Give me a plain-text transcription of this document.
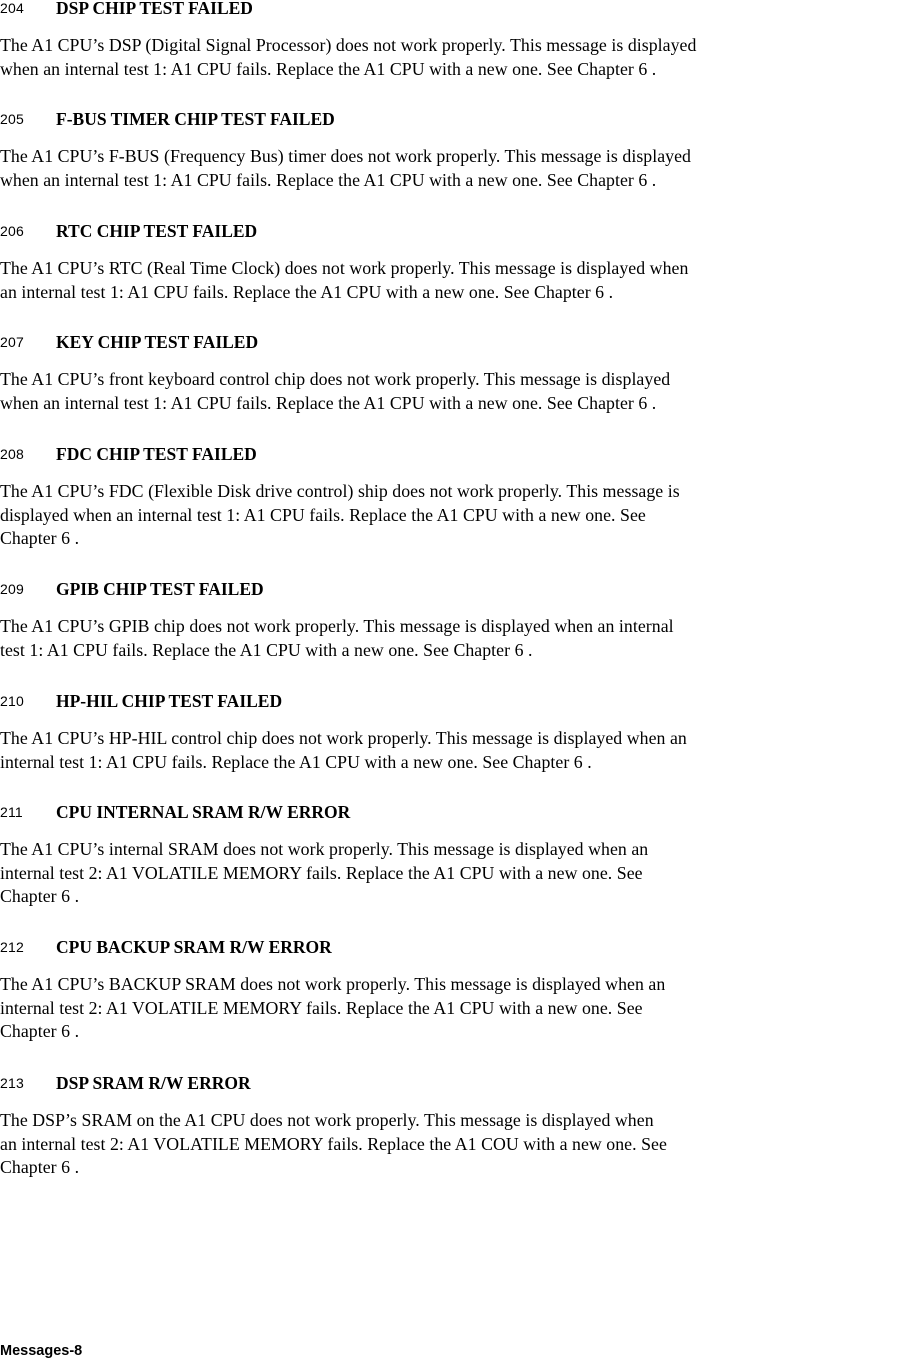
204	DSP CHIP TEST FAILED
The A1 CPU’s DSP (Digital Signal Processor) does not work properly. This message is displayed
when an internal test 1: A1 CPU fails. Replace the A1 CPU with a new one. See Chapter 6 .
205	F-BUS TIMER CHIP TEST FAILED
The A1 CPU’s F-BUS (Frequency Bus) timer does not work properly. This message is displayed
when an internal test 1: A1 CPU fails. Replace the A1 CPU with a new one. See Chapter 6 .
206	RTC CHIP TEST FAILED
The A1 CPU’s RTC (Real Time Clock) does not work properly. This message is displayed when
an internal test 1: A1 CPU fails. Replace the A1 CPU with a new one. See Chapter 6 .
207	KEY CHIP TEST FAILED
The A1 CPU’s front keyboard control chip does not work properly. This message is displayed
when an internal test 1: A1 CPU fails. Replace the A1 CPU with a new one. See Chapter 6 .
208	FDC CHIP TEST FAILED
The A1 CPU’s FDC (Flexible Disk drive control) ship does not work properly. This message is
displayed when an internal test 1: A1 CPU fails. Replace the A1 CPU with a new one. See
Chapter 6 .
209	GPIB CHIP TEST FAILED
The A1 CPU’s GPIB chip does not work properly. This message is displayed when an internal
test 1: A1 CPU fails. Replace the A1 CPU with a new one. See Chapter 6 .
210	HP-HIL CHIP TEST FAILED
The A1 CPU’s HP-HIL control chip does not work properly. This message is displayed when an
internal test 1: A1 CPU fails. Replace the A1 CPU with a new one. See Chapter 6 .
211	CPU INTERNAL SRAM R/W ERROR
The A1 CPU’s internal SRAM does not work properly. This message is displayed when an
internal test 2: A1 VOLATILE MEMORY fails. Replace the A1 CPU with a new one. See
Chapter 6 .
212	CPU BACKUP SRAM R/W ERROR
The A1 CPU’s BACKUP SRAM does not work properly. This message is displayed when an
internal test 2: A1 VOLATILE MEMORY fails. Replace the A1 CPU with a new one. See
Chapter 6 .
213	DSP SRAM R/W ERROR
The DSP’s SRAM on the A1 CPU does not work properly. This message is displayed when
an internal test 2: A1 VOLATILE MEMORY fails. Replace the A1 COU with a new one. See
Chapter 6 .
Messages-8
